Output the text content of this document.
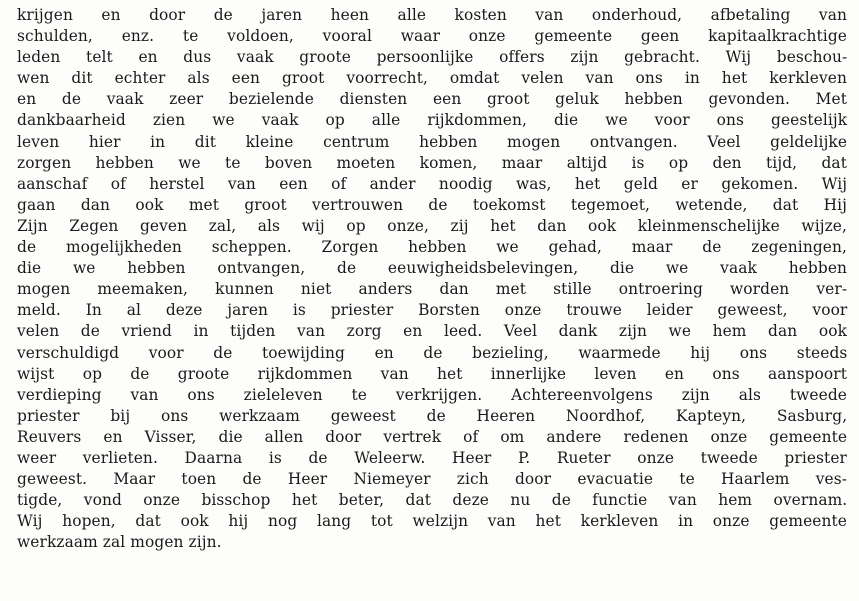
krijgen en door de jaren heen alle kosten van onderhoud, afbetaling van
schulden, enz. te voldoen, vooral waar onze gemeente geen kapitaalkrachtige
leden telt en dus vaak groote persoonlijke offers zijn gebracht. Wij beschou-
wen dit echter als een groot voorrecht, omdat velen van ons in het kerkleven
en de vaak zeer bezielende diensten een groot geluk hebben gevonden. Met
dankbaarheid zien we vaak op alle rijkdommen, die we voor ons geestelijk
leven hier in dit kleine centrum hebben mogen ontvangen. Veel geldelijke
zorgen hebben we te boven moeten komen, maar altijd is op den tijd, dat
aanschaf of herstel van een of ander noodig was, het geld er gekomen. Wij
gaan dan ook met groot vertrouwen de toekomst tegemoet, wetende, dat Hij
Zijn Zegen geven zal, als wij op onze, zij het dan ook kleinmenschelijke wijze,
de mogelijkheden scheppen. Zorgen hebben we gehad, maar de zegeningen,
die we hebben ontvangen, de eeuwigheidsbelevingen, die we vaak hebben
mogen meemaken, kunnen niet anders dan met stille ontroering worden ver-
meld. In al deze jaren is priester Borsten onze trouwe leider geweest, voor
velen de vriend in tijden van zorg en leed. Veel dank zijn we hem dan ook
verschuldigd voor de toewijding en de bezieling, waarmede hij ons steeds
wijst op de groote rijkdommen van het innerlijke leven en ons aanspoort
verdieping van ons zieleleven te verkrijgen. Achtereenvolgens zijn als tweede
priester bij ons werkzaam geweest de Heeren Noordhof, Kapteyn, Sasburg,
Reuvers en Visser, die allen door vertrek of om andere redenen onze gemeente
weer verlieten. Daarna is de Weleerw. Heer P. Rueter onze tweede priester
geweest. Maar toen de Heer Niemeyer zich door evacuatie te Haarlem ves-
tigde, vond onze bisschop het beter, dat deze nu de functie van hem overnam.
Wij hopen, dat ook hij nog lang tot welzijn van het kerkleven in onze gemeente
werkzaam zal mogen zijn.
